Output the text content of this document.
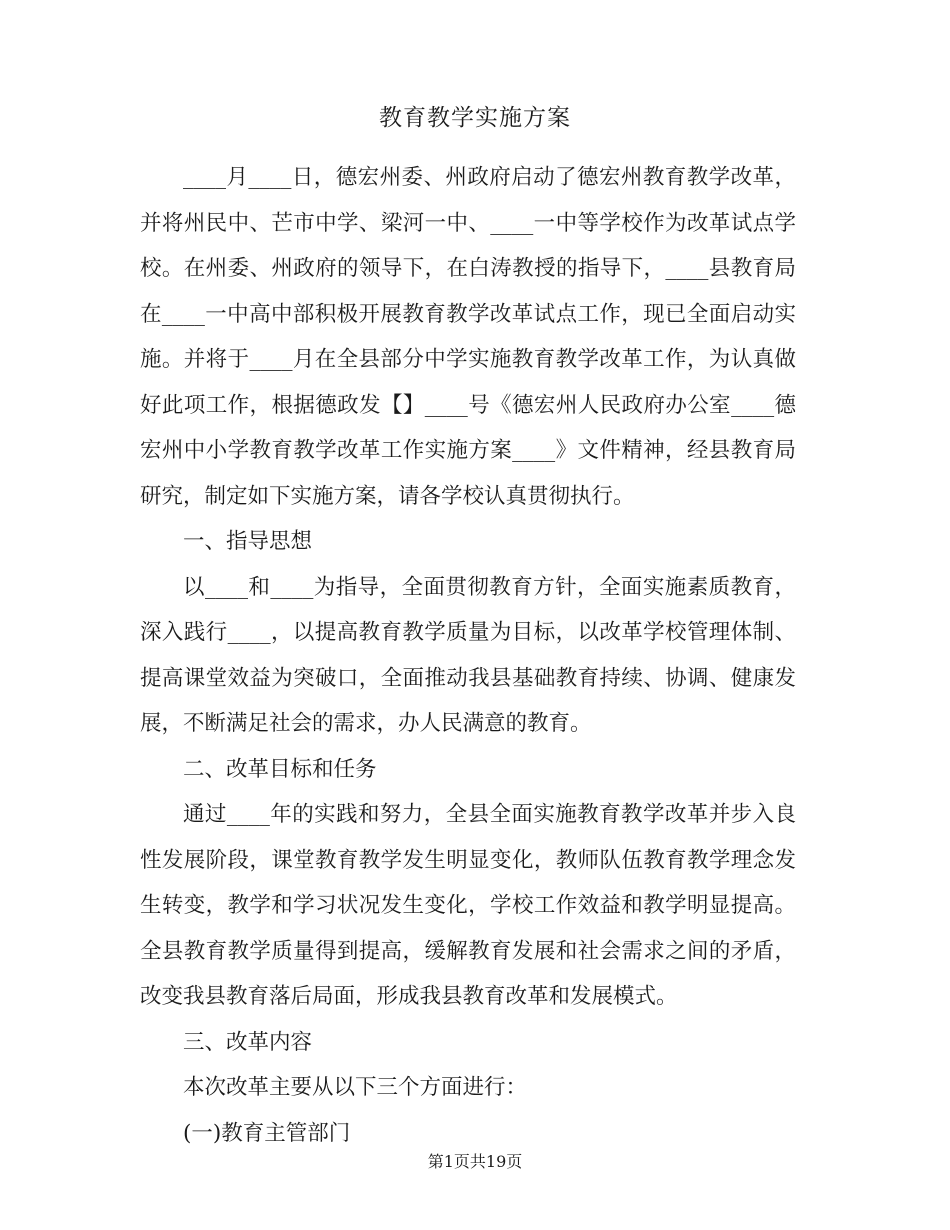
教育教学实施方案

____月____日，德宏州委、州政府启动了德宏州教育教学改革，并将州民中、芒市中学、梁河一中、____一中等学校作为改革试点学校。在州委、州政府的领导下，在白涛教授的指导下，____县教育局在____一中高中部积极开展教育教学改革试点工作，现已全面启动实施。并将于____月在全县部分中学实施教育教学改革工作，为认真做好此项工作，根据德政发【】____号《德宏州人民政府办公室____德宏州中小学教育教学改革工作实施方案____》文件精神，经县教育局研究，制定如下实施方案，请各学校认真贯彻执行。

一、指导思想

以____和____为指导，全面贯彻教育方针，全面实施素质教育，深入践行____，以提高教育教学质量为目标，以改革学校管理体制、提高课堂效益为突破口，全面推动我县基础教育持续、协调、健康发展，不断满足社会的需求，办人民满意的教育。

二、改革目标和任务

通过____年的实践和努力，全县全面实施教育教学改革并步入良性发展阶段，课堂教育教学发生明显变化，教师队伍教育教学理念发生转变，教学和学习状况发生变化，学校工作效益和教学明显提高。全县教育教学质量得到提高，缓解教育发展和社会需求之间的矛盾，改变我县教育落后局面，形成我县教育改革和发展模式。

三、改革内容

本次改革主要从以下三个方面进行：

(一)教育主管部门

第1页共19页
